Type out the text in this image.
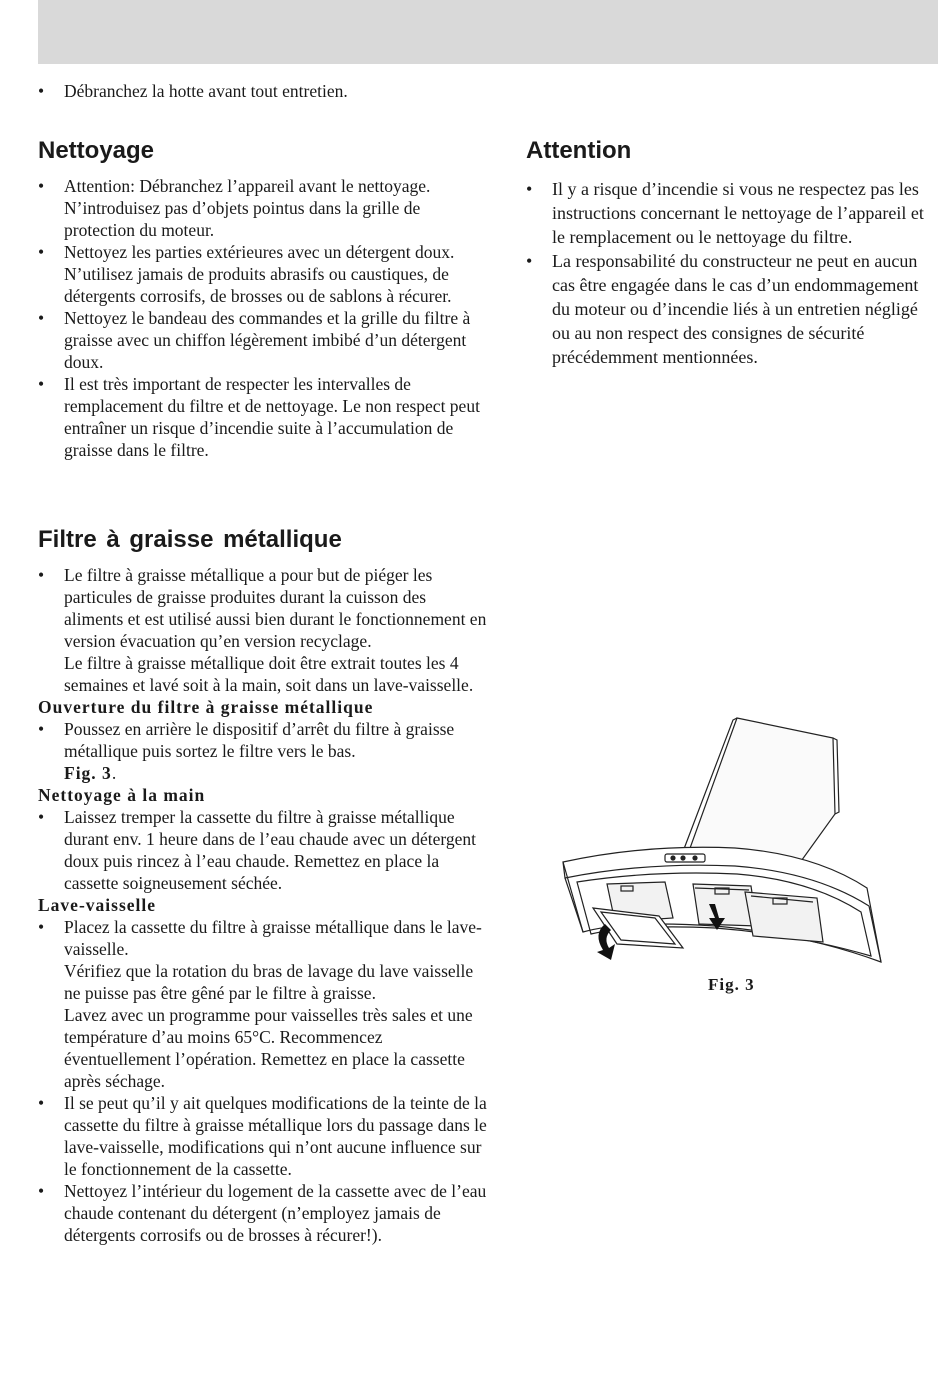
• Débranchez la hotte avant tout entretien.
Nettoyage
• Attention: Débranchez l’appareil avant le nettoyage. N’introduisez pas d’objets pointus dans la grille de protection du moteur.
• Nettoyez les parties extérieures avec un détergent doux.
N’utilisez jamais de produits abrasifs ou caustiques, de détergents corrosifs, de brosses ou de sablons à récurer.
• Nettoyez le bandeau des commandes et la grille du filtre à graisse avec un chiffon légèrement imbibé d’un détergent doux.
• Il est très important de respecter les intervalles de remplacement du filtre et de nettoyage. Le non respect peut entraîner un risque d’incendie suite à l’accumulation de graisse dans le filtre.
Filtre à graisse métallique
• Le filtre à graisse métallique a pour but de piéger les particules de graisse produites durant la cuisson des aliments et est utilisé aussi bien durant le fonctionnement en version évacuation qu’en version recyclage.
Le filtre à graisse métallique doit être extrait toutes les 4 semaines et lavé soit à la main, soit dans un lave-vaisselle.
Ouverture du filtre à graisse métallique
• Poussez en arrière le dispositif d’arrêt du filtre à graisse métallique puis sortez le filtre vers le bas.
Fig. 3.
Nettoyage à la main
• Laissez tremper la cassette du filtre à graisse métallique durant env. 1 heure dans de l’eau chaude avec un détergent doux puis rincez à l’eau chaude. Remettez en place la cassette soigneusement séchée.
Lave-vaisselle
• Placez la cassette du filtre à graisse métallique dans le lave-vaisselle.
Vérifiez que la rotation du bras de lavage du lave vaisselle ne puisse pas être gêné par le filtre à graisse.
Lavez avec un programme pour vaisselles très sales et une température d’au moins 65°C. Recommencez éventuellement l’opération. Remettez en place la cassette après séchage.
• Il se peut qu’il y ait quelques modifications de la teinte de la cassette du filtre à graisse métallique lors du passage dans le lave-vaisselle, modifications qui n’ont aucune influence sur le fonctionnement de la cassette.
• Nettoyez l’intérieur du logement de la cassette avec de l’eau chaude contenant du détergent (n’employez jamais de détergents corrosifs ou de brosses à récurer!).
Attention
• Il y a risque d’incendie si vous ne respectez pas les instructions concernant le nettoyage de l’appareil et le remplacement ou le nettoyage du filtre.
• La responsabilité du constructeur ne peut en aucun cas être engagée dans le cas d’un endommagement du moteur ou d’incendie liés à un entretien négligé ou au non respect des consignes de sécurité précédemment mentionnées.
Fig. 3
